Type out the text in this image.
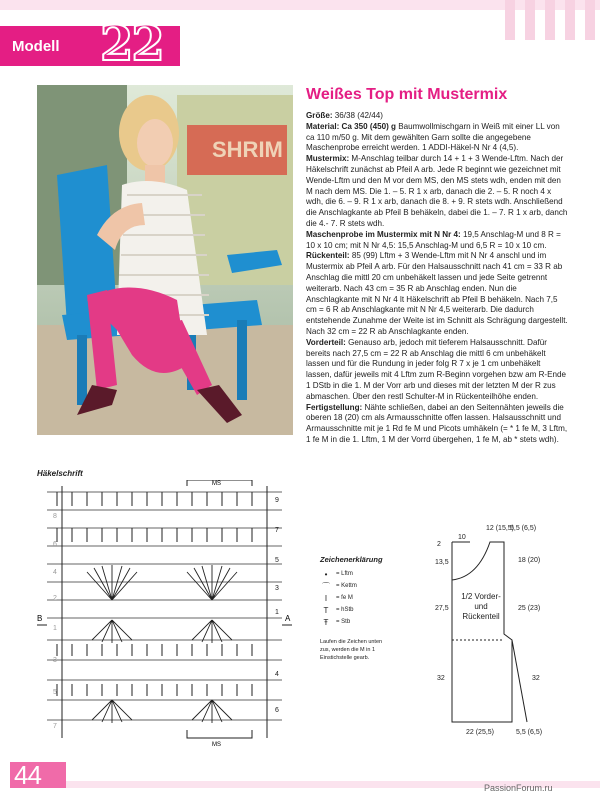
Modell 22
SHRIM
Weißes Top mit Mustermix

Größe: 36/38 (42/44)

Material: Ca 350 (450) g Baumwollmischgarn in Weiß mit einer LL von ca 110 m/50 g. Mit dem gewählten Garn sollte die angegebene Maschenprobe erreicht werden. 1 ADDI-Häkel-N Nr 4 (4,5).

Mustermix: M-Anschlag teilbar durch 14 + 1 + 3 Wende-Lftm. Nach der Häkelschrift zunächst ab Pfeil A arb. Jede R beginnt wie gezeichnet mit Wende-Lftm und den M vor dem MS, den MS stets wdh, enden mit den M nach dem MS. Die 1. – 5. R 1 x arb, danach die 2. – 5. R noch 4 x wdh, die 6. – 9. R 1 x arb, danach die 8. + 9. R stets wdh. Anschließend die Anschlagkante ab Pfeil B behäkeln, dabei die 1. – 7. R 1 x arb, danch die 4.- 7. R stets wdh.

Maschenprobe im Mustermix mit N Nr 4: 19,5 Anschlag-M und 8 R = 10 x 10 cm; mit N Nr 4,5: 15,5 Anschlag-M und 6,5 R = 10 x 10 cm.

Rückenteil: 85 (99) Lftm + 3 Wende-Lftm mit N Nr 4 anschl und im Mustermix ab Pfeil A arb. Für den Halsausschnitt nach 41 cm = 33 R ab Anschlag die mittl 20 cm unbehäkelt lassen und jede Seite getrennt weiterarb. Nach 43 cm = 35 R ab Anschlag enden. Nun die Anschlagkante mit N Nr 4 lt Häkelschrift ab Pfeil B behäkeln. Nach 7,5 cm = 6 R ab Anschlagkante mit N Nr 4,5 weiterarb. Die dadurch entstehende Zunahme der Weite ist im Schnitt als Schrägung dargestellt. Nach 32 cm = 22 R ab Anschlagkante enden.

Vorderteil: Genauso arb, jedoch mit tieferem Halsausschnitt. Dafür bereits nach 27,5 cm = 22 R ab Anschlag die mittl 6 cm unbehäkelt lassen und für die Rundung in jeder folg R 7 x je 1 cm unbehäkelt lassen, dafür jeweils mit 4 Lftm zum R-Beginn vorgehen bzw am R-Ende 1 DStb in die 1. M der Vorr arb und dieses mit der letzten M der R zus abmaschen. Über den restl Schulter-M in Rückenteilhöhe enden.

Fertigstellung: Nähte schließen, dabei an den Seitennähten jeweils die oberen 18 (20) cm als Armausschnitte offen lassen. Halsausschnitt und Armausschnitte mit je 1 Rd fe M und Picots umhäkeln (= * 1 fe M, 3 Lftm, 1 fe M in die 1. Lftm, 1 M der Vorrd übergehen, 1 fe M, ab * stets wdh).

Häkelschrift
MS
MS
B	A
9
7
5
3
1
4
6
8
6
4
2
1
3
5
7
Zeichenerklärung
•	= Lftm
⌒	= Kettm
I	= fe M
T	= hStb
Ŧ	= Stb
Laufen die Zeichen unten zus, werden die M in 1 Einstichstelle gearb.
12 (15,5)
5,5 (6,5)
10
2
13,5
27,5
18 (20)
25 (23)
32	32
22 (25,5)	5,5 (6,5)
1/2 Vorder- und Rückenteil
44	PassionForum.ru
